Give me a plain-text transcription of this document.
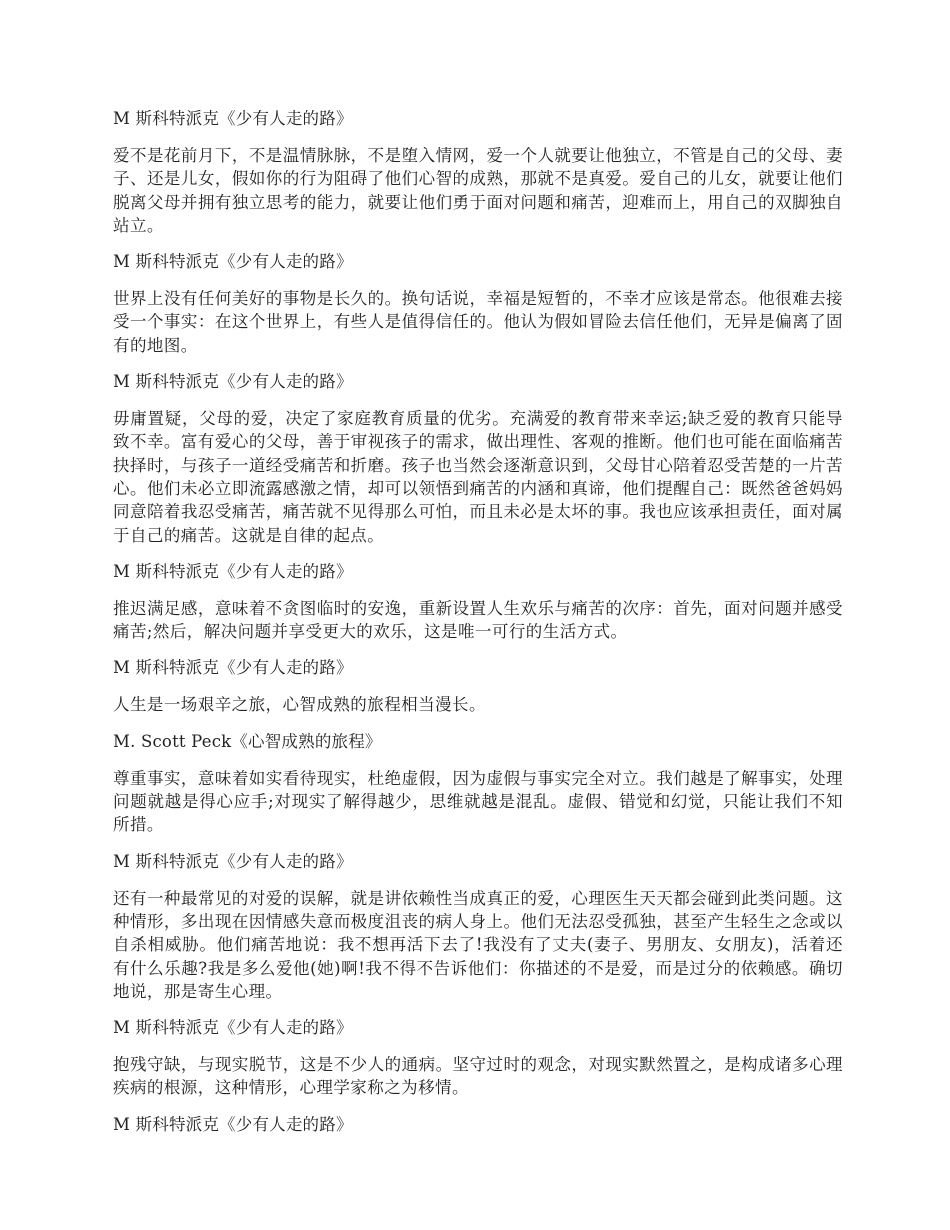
M 斯科特派克《少有人走的路》

爱不是花前月下，不是温情脉脉，不是堕入情网，爱一个人就要让他独立，不管是自己的父母、妻子、还是儿女，假如你的行为阻碍了他们心智的成熟，那就不是真爱。爱自己的儿女，就要让他们脱离父母并拥有独立思考的能力，就要让他们勇于面对问题和痛苦，迎难而上，用自己的双脚独自站立。

M 斯科特派克《少有人走的路》

世界上没有任何美好的事物是长久的。换句话说，幸福是短暂的，不幸才应该是常态。他很难去接受一个事实：在这个世界上，有些人是值得信任的。他认为假如冒险去信任他们，无异是偏离了固有的地图。

M 斯科特派克《少有人走的路》

毋庸置疑，父母的爱，决定了家庭教育质量的优劣。充满爱的教育带来幸运;缺乏爱的教育只能导致不幸。富有爱心的父母，善于审视孩子的需求，做出理性、客观的推断。他们也可能在面临痛苦抉择时，与孩子一道经受痛苦和折磨。孩子也当然会逐渐意识到，父母甘心陪着忍受苦楚的一片苦心。他们未必立即流露感激之情，却可以领悟到痛苦的内涵和真谛，他们提醒自己：既然爸爸妈妈同意陪着我忍受痛苦，痛苦就不见得那么可怕，而且未必是太坏的事。我也应该承担责任，面对属于自己的痛苦。这就是自律的起点。

M 斯科特派克《少有人走的路》

推迟满足感，意味着不贪图临时的安逸，重新设置人生欢乐与痛苦的次序：首先，面对问题并感受痛苦;然后，解决问题并享受更大的欢乐，这是唯一可行的生活方式。

M 斯科特派克《少有人走的路》

人生是一场艰辛之旅，心智成熟的旅程相当漫长。

M. Scott Peck《心智成熟的旅程》

尊重事实，意味着如实看待现实，杜绝虚假，因为虚假与事实完全对立。我们越是了解事实，处理问题就越是得心应手;对现实了解得越少，思维就越是混乱。虚假、错觉和幻觉，只能让我们不知所措。

M 斯科特派克《少有人走的路》

还有一种最常见的对爱的误解，就是讲依赖性当成真正的爱，心理医生天天都会碰到此类问题。这种情形，多出现在因情感失意而极度沮丧的病人身上。他们无法忍受孤独，甚至产生轻生之念或以自杀相威胁。他们痛苦地说：我不想再活下去了!我没有了丈夫(妻子、男朋友、女朋友)，活着还有什么乐趣?我是多么爱他(她)啊!我不得不告诉他们：你描述的不是爱，而是过分的依赖感。确切地说，那是寄生心理。

M 斯科特派克《少有人走的路》

抱残守缺，与现实脱节，这是不少人的通病。坚守过时的观念，对现实默然置之，是构成诸多心理疾病的根源，这种情形，心理学家称之为移情。

M 斯科特派克《少有人走的路》
